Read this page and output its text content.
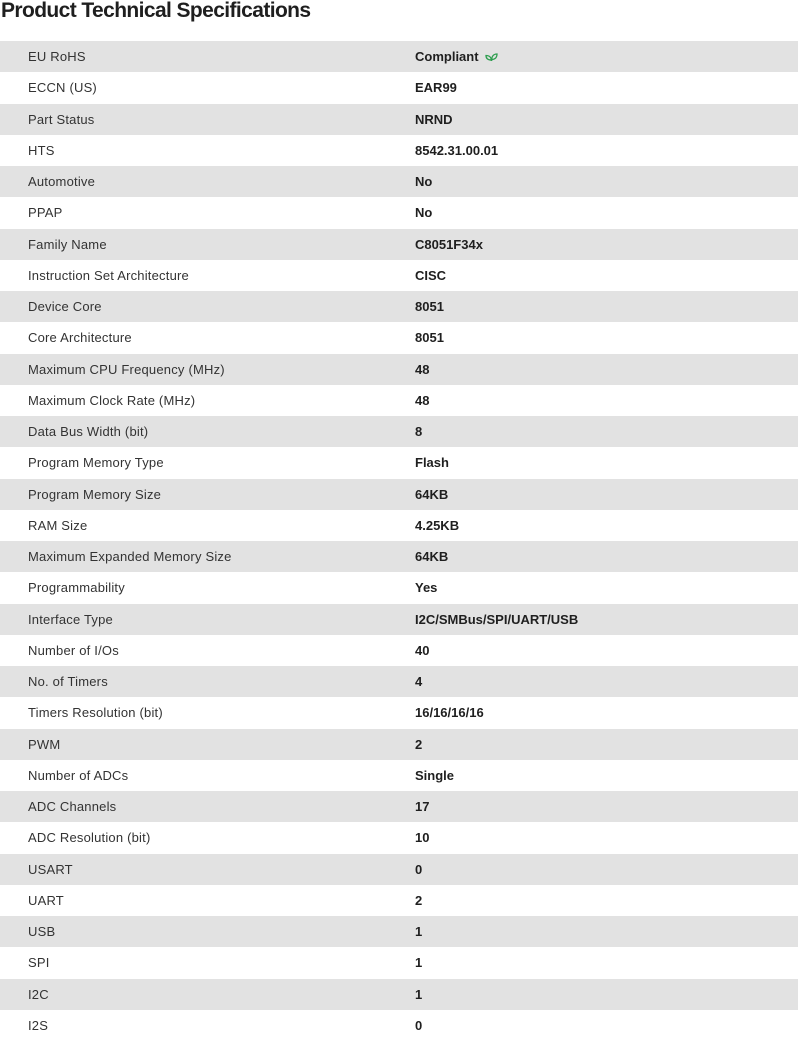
Product Technical Specifications
EU RoHS	Compliant
ECCN (US)	EAR99
Part Status	NRND
HTS	8542.31.00.01
Automotive	No
PPAP	No
Family Name	C8051F34x
Instruction Set Architecture	CISC
Device Core	8051
Core Architecture	8051
Maximum CPU Frequency (MHz)	48
Maximum Clock Rate (MHz)	48
Data Bus Width (bit)	8
Program Memory Type	Flash
Program Memory Size	64KB
RAM Size	4.25KB
Maximum Expanded Memory Size	64KB
Programmability	Yes
Interface Type	I2C/SMBus/SPI/UART/USB
Number of I/Os	40
No. of Timers	4
Timers Resolution (bit)	16/16/16/16
PWM	2
Number of ADCs	Single
ADC Channels	17
ADC Resolution (bit)	10
USART	0
UART	2
USB	1
SPI	1
I2C	1
I2S	0
